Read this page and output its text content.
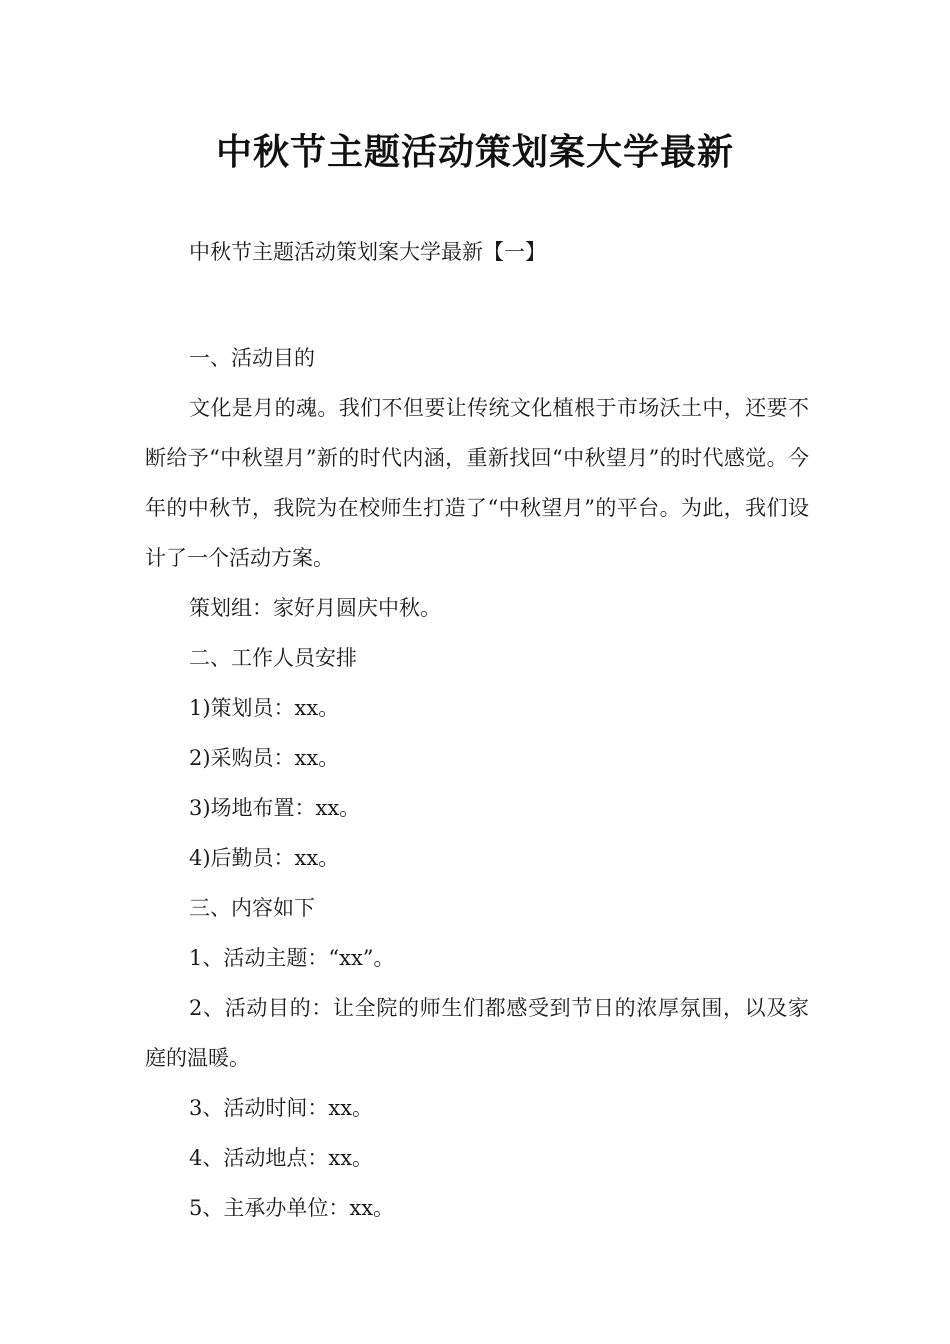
中秋节主题活动策划案大学最新

中秋节主题活动策划案大学最新【一】

一、活动目的

文化是月的魂。我们不但要让传统文化植根于市场沃土中，还要不断给予“中秋望月”新的时代内涵，重新找回“中秋望月”的时代感觉。今年的中秋节，我院为在校师生打造了“中秋望月”的平台。为此，我们设计了一个活动方案。

策划组：家好月圆庆中秋。

二、工作人员安排

1)策划员：xx。

2)采购员：xx。

3)场地布置：xx。

4)后勤员：xx。

三、内容如下

1、活动主题：“xx”。

2、活动目的：让全院的师生们都感受到节日的浓厚氛围，以及家庭的温暖。

3、活动时间：xx。

4、活动地点：xx。

5、主承办单位：xx。
